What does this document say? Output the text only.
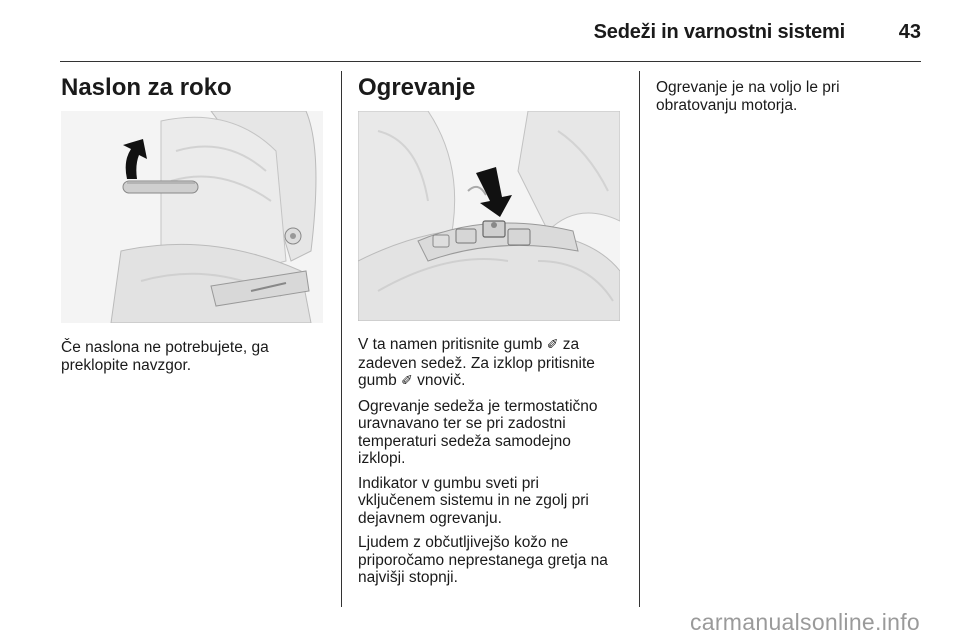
Sedeži in varnostni sistemi	43
Naslon za roko
Če naslona ne potrebujete, ga
preklopite navzgor.
Ogrevanje

V ta namen pritisnite gumb ✐ za
zadeven sedež. Za izklop pritisnite
gumb ✐ vnovič.

Ogrevanje sedeža je termostatično
uravnavano ter se pri zadostni
temperaturi sedeža samodejno
izklopi.

Indikator v gumbu sveti pri
vključenem sistemu in ne zgolj pri
dejavnem ogrevanju.

Ljudem z občutljivejšo kožo ne
priporočamo neprestanega gretja na
najvišji stopnji.

Ogrevanje je na voljo le pri
obratovanju motorja.
carmanualsonline.info
